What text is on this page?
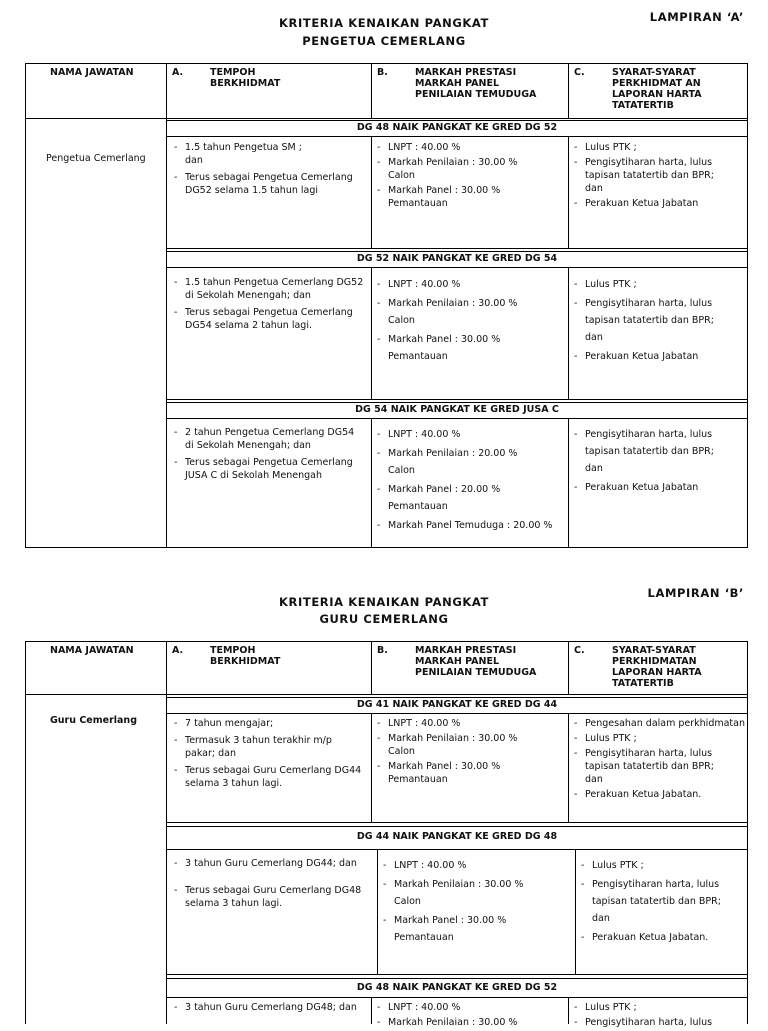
LAMPIRAN ‘A’
KRITERIA KENAIKAN PANGKAT
PENGETUA CEMERLANG
NAMA JAWATAN	A.	TEMPOH
BERKHIDMAT
B.	MARKAH PRESTASI
MARKAH PANEL
PENILAIAN TEMUDUGA
C.	SYARAT-SYARAT
PERKHIDMAT AN
LAPORAN HARTA
TATATERTIB
Pengetua Cemerlang
DG 48 NAIK PANGKAT KE GRED DG 52
- 1.5 tahun Pengetua SM ;
dan
- Terus sebagai Pengetua Cemerlang DG52 selama 1.5 tahun lagi
- LNPT : 40.00 %
- Markah Penilaian : 30.00 %
Calon
- Markah Panel : 30.00 %
Pemantauan
- Lulus PTK ;
- Pengisytiharan harta, lulus tapisan tatatertib dan BPR;
dan
- Perakuan Ketua Jabatan
DG 52 NAIK PANGKAT KE GRED DG 54
- 1.5 tahun Pengetua Cemerlang DG52 di Sekolah Menengah; dan
- Terus sebagai Pengetua Cemerlang DG54 selama 2 tahun lagi.
- LNPT : 40.00 %
- Markah Penilaian : 30.00 %
Calon
- Markah Panel : 30.00 %
Pemantauan
- Lulus PTK ;
- Pengisytiharan harta, lulus tapisan tatatertib dan BPR;
dan
- Perakuan Ketua Jabatan
DG 54 NAIK PANGKAT KE GRED JUSA C
- 2 tahun Pengetua Cemerlang DG54 di Sekolah Menengah; dan
- Terus sebagai Pengetua Cemerlang JUSA C di Sekolah Menengah
- LNPT : 40.00 %
- Markah Penilaian : 20.00 %
Calon
- Markah Panel : 20.00 %
Pemantauan
- Markah Panel Temuduga : 20.00 %
- Pengisytiharan harta, lulus tapisan tatatertib dan BPR;
dan
- Perakuan Ketua Jabatan
LAMPIRAN ‘B’
KRITERIA KENAIKAN PANGKAT
GURU CEMERLANG
NAMA JAWATAN	A.	TEMPOH
BERKHIDMAT
B.	MARKAH PRESTASI
MARKAH PANEL
PENILAIAN TEMUDUGA
C.	SYARAT-SYARAT
PERKHIDMATAN
LAPORAN HARTA
TATATERTIB
Guru Cemerlang
DG 41 NAIK PANGKAT KE GRED DG 44
- 7 tahun mengajar;
- Termasuk 3 tahun terakhir m/p pakar; dan
- Terus sebagai Guru Cemerlang DG44 selama 3 tahun lagi.
- LNPT : 40.00 %
- Markah Penilaian : 30.00 %
Calon
- Markah Panel : 30.00 %
Pemantauan
- Pengesahan dalam perkhidmatan
- Lulus PTK ;
- Pengisytiharan harta, lulus tapisan tatatertib dan BPR;
dan
- Perakuan Ketua Jabatan.
DG 44 NAIK PANGKAT KE GRED DG 48
- 3 tahun Guru Cemerlang DG44; dan
- Terus sebagai Guru Cemerlang DG48 selama 3 tahun lagi.
- LNPT : 40.00 %
- Markah Penilaian : 30.00 %
Calon
- Markah Panel : 30.00 %
Pemantauan
- Lulus PTK ;
- Pengisytiharan harta, lulus tapisan tatatertib dan BPR;
dan
- Perakuan Ketua Jabatan.
DG 48 NAIK PANGKAT KE GRED DG 52
- 3 tahun Guru Cemerlang DG48; dan
-	LNPT : 40.00 %
- Markah Penilaian : 30.00 %
- Lulus PTK ;
- Pengisytiharan harta, lulus
